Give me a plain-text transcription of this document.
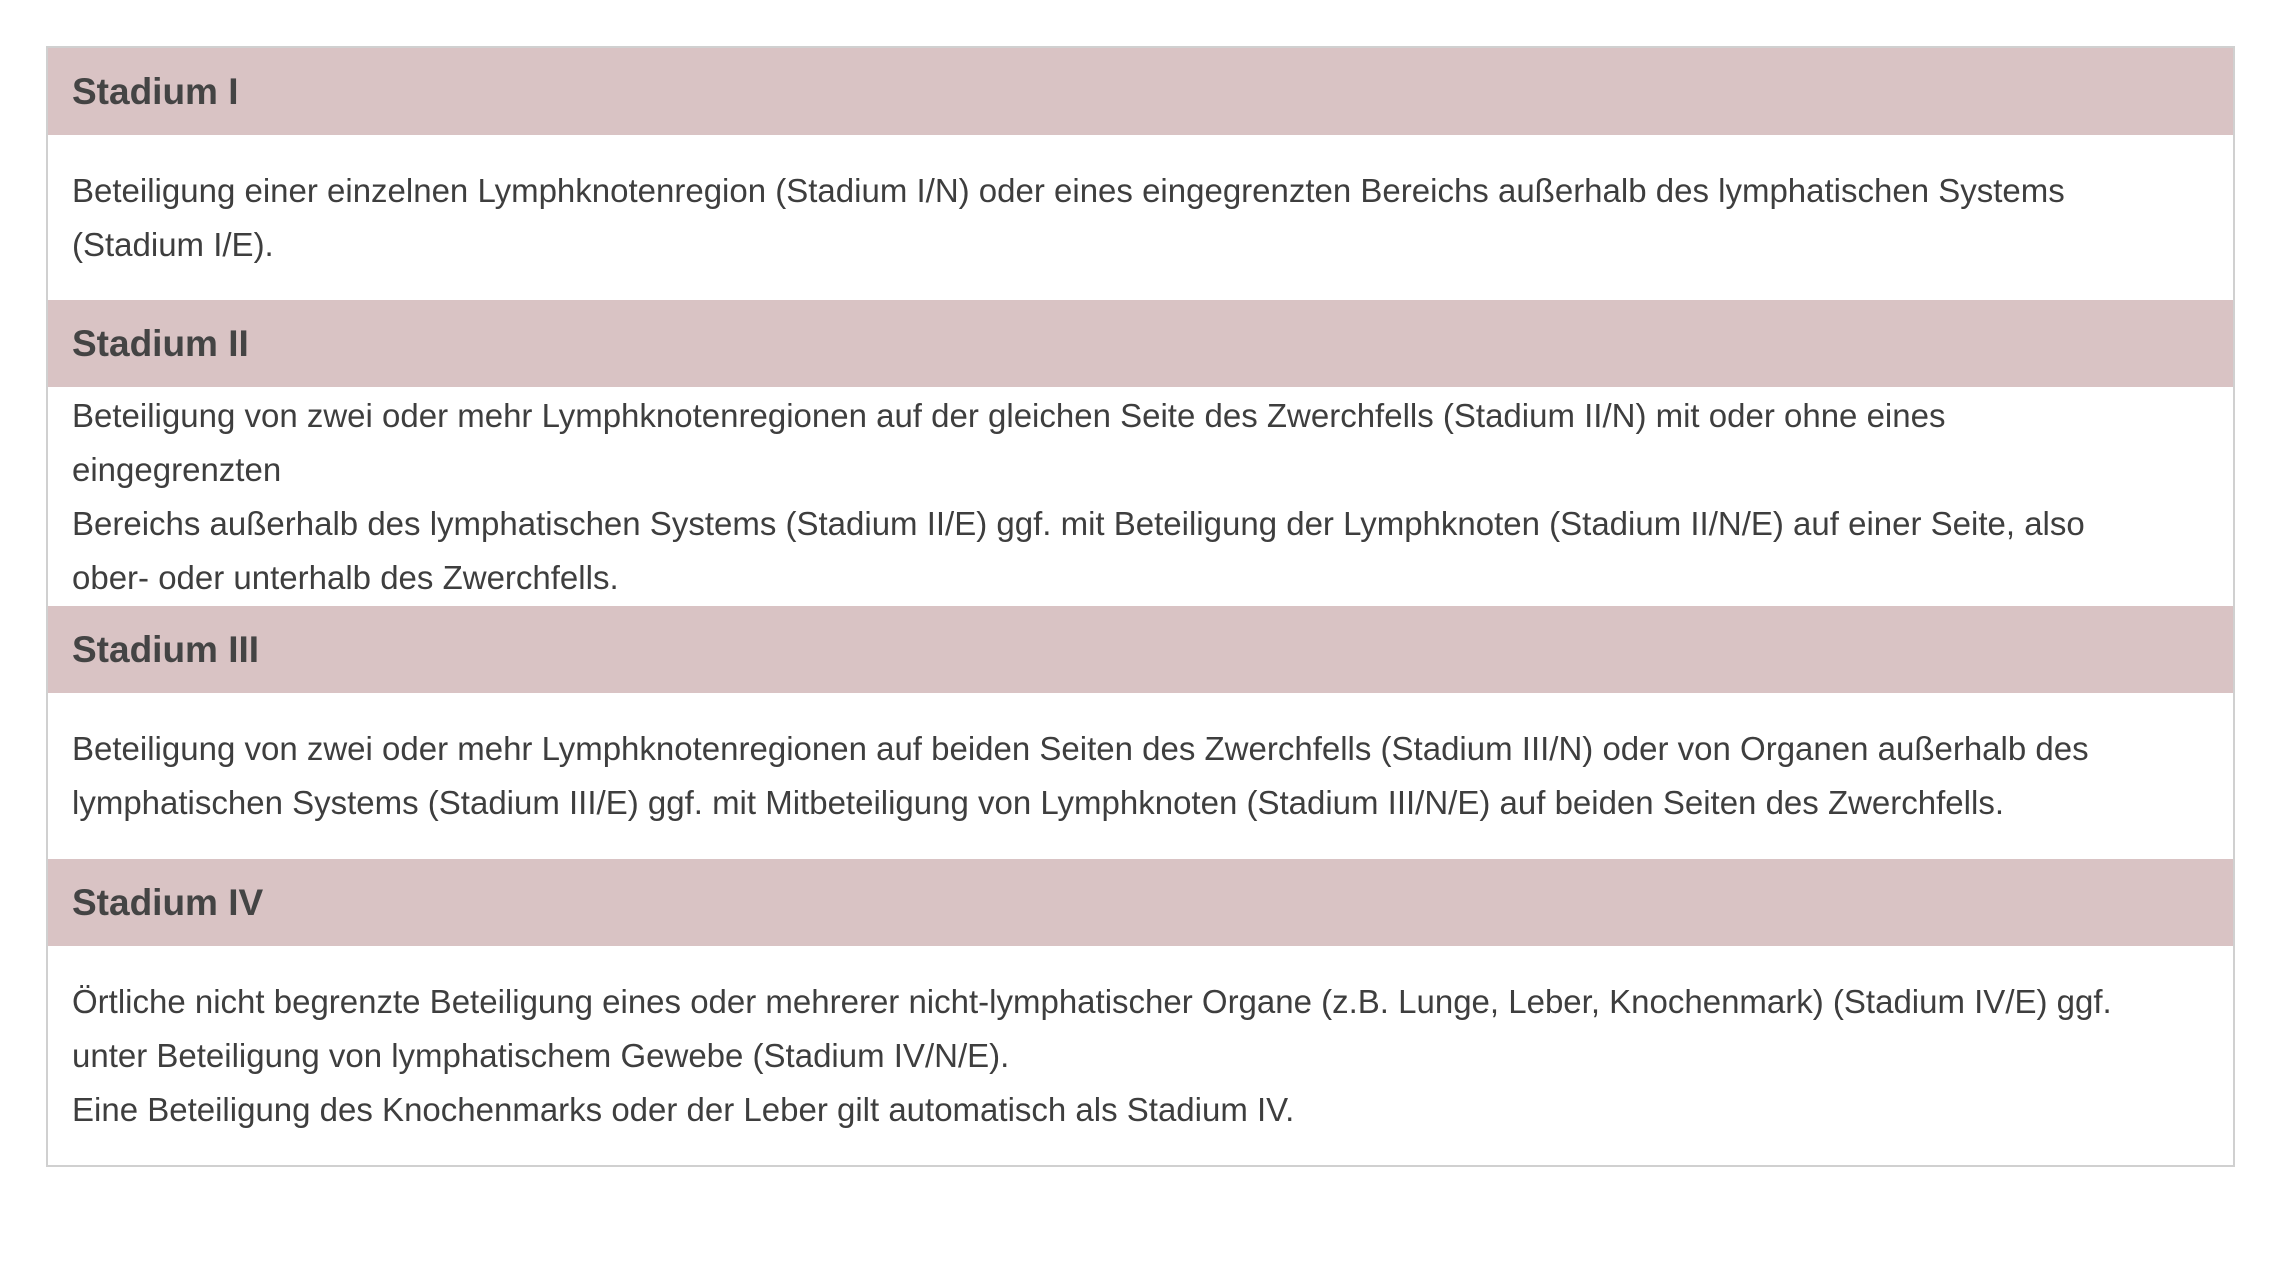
Stadium I

Beteiligung einer einzelnen Lymphknotenregion (Stadium I/N) oder eines eingegrenzten Bereichs außerhalb des lymphatischen Systems
(Stadium I/E).

Stadium II

Beteiligung von zwei oder mehr Lymphknotenregionen auf der gleichen Seite des Zwerchfells (Stadium II/N) mit oder ohne eines eingegrenzten
Bereichs außerhalb des lymphatischen Systems (Stadium II/E) ggf. mit Beteiligung der Lymphknoten (Stadium II/N/E) auf einer Seite, also
ober- oder unterhalb des Zwerchfells.

Stadium III

Beteiligung von zwei oder mehr Lymphknotenregionen auf beiden Seiten des Zwerchfells (Stadium III/N) oder von Organen außerhalb des
lymphatischen Systems (Stadium III/E) ggf. mit Mitbeteiligung von Lymphknoten (Stadium III/N/E) auf beiden Seiten des Zwerchfells.

Stadium IV

Örtliche nicht begrenzte Beteiligung eines oder mehrerer nicht-lymphatischer Organe (z.B. Lunge, Leber, Knochenmark) (Stadium IV/E) ggf.
unter Beteiligung von lymphatischem Gewebe (Stadium IV/N/E).
Eine Beteiligung des Knochenmarks oder der Leber gilt automatisch als Stadium IV.
